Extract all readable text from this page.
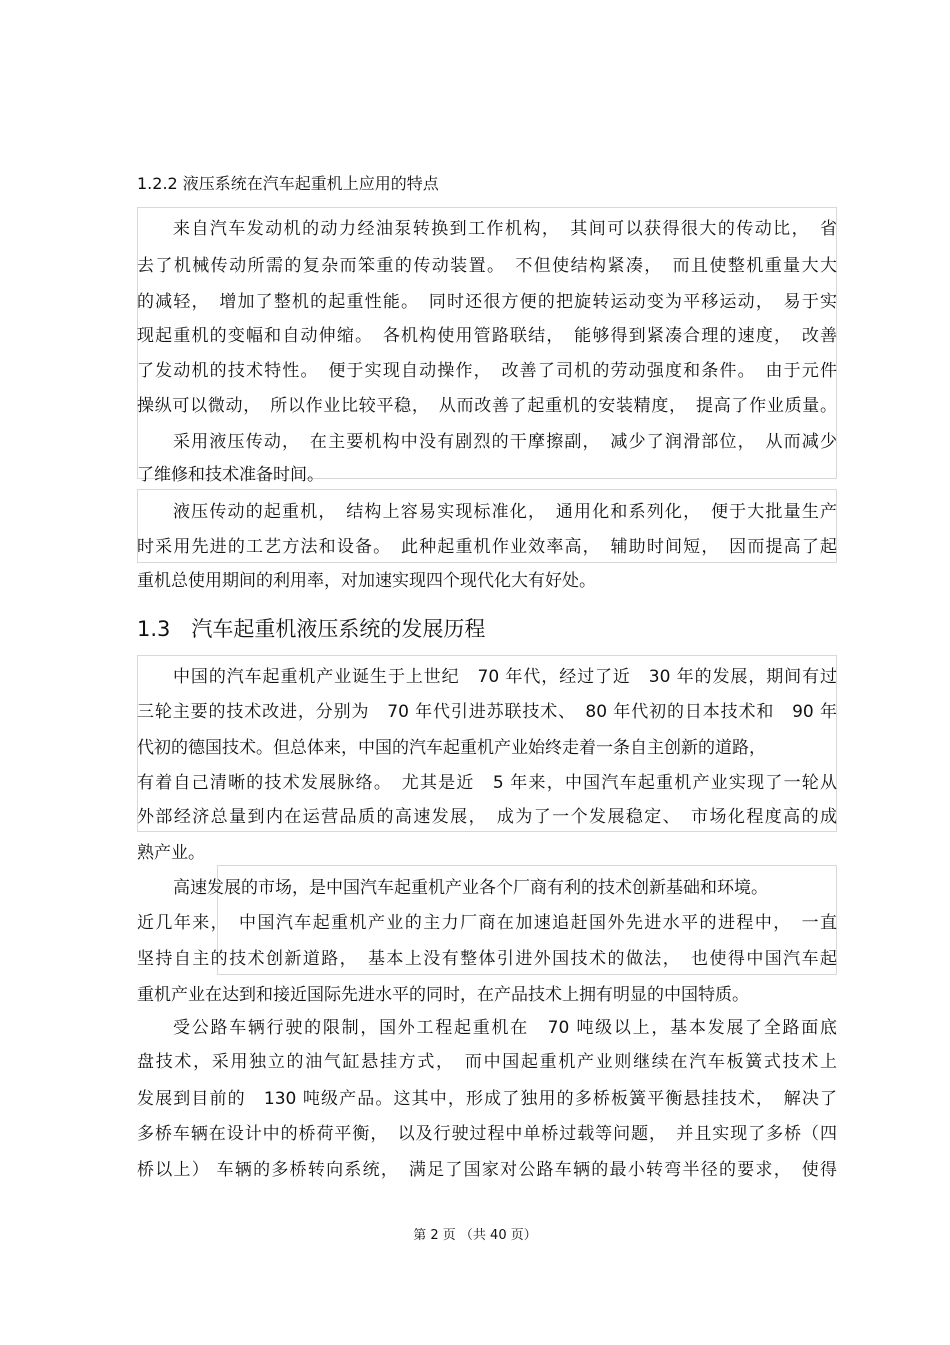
1.2.2 液压系统在汽车起重机上应用的特点
来自汽车发动机的动力经油泵转换到工作机构，　其间可以获得很大的传动比，　省
去了机械传动所需的复杂而笨重的传动装置。　不但使结构紧凑，　而且使整机重量大大
的减轻，　增加了整机的起重性能。　同时还很方便的把旋转运动变为平移运动，　易于实
现起重机的变幅和自动伸缩。　各机构使用管路联结，　能够得到紧凑合理的速度，　改善
了发动机的技术特性。　便于实现自动操作，　改善了司机的劳动强度和条件。　由于元件
操纵可以微动，　所以作业比较平稳，　从而改善了起重机的安装精度，　提高了作业质量。
采用液压传动，　在主要机构中没有剧烈的干摩擦副，　减少了润滑部位，　从而减少
了维修和技术准备时间。
液压传动的起重机，　结构上容易实现标准化，　通用化和系列化，　便于大批量生产
时采用先进的工艺方法和设备。　此种起重机作业效率高，　辅助时间短，　因而提高了起
重机总使用期间的利用率，对加速实现四个现代化大有好处。
1.3　汽车起重机液压系统的发展历程
中国的汽车起重机产业诞生于上世纪　70 年代，经过了近　30 年的发展，期间有过
三轮主要的技术改进，分别为　70 年代引进苏联技术、　80 年代初的日本技术和　90 年
代初的德国技术。但总体来，中国的汽车起重机产业始终走着一条自主创新的道路，
有着自己清晰的技术发展脉络。　尤其是近　5 年来，中国汽车起重机产业实现了一轮从
外部经济总量到内在运营品质的高速发展，　成为了一个发展稳定、　市场化程度高的成
熟产业。
高速发展的市场，是中国汽车起重机产业各个厂商有利的技术创新基础和环境。
近几年来，　中国汽车起重机产业的主力厂商在加速追赶国外先进水平的进程中，　一直
坚持自主的技术创新道路，　基本上没有整体引进外国技术的做法，　也使得中国汽车起
重机产业在达到和接近国际先进水平的同时，在产品技术上拥有明显的中国特质。
受公路车辆行驶的限制，国外工程起重机在　70 吨级以上，基本发展了全路面底
盘技术，采用独立的油气缸悬挂方式，　而中国起重机产业则继续在汽车板簧式技术上
发展到目前的　130 吨级产品。这其中，形成了独用的多桥板簧平衡悬挂技术，　解决了
多桥车辆在设计中的桥荷平衡，　以及行驶过程中单桥过载等问题，　并且实现了多桥（四
桥以上） 车辆的多桥转向系统，　满足了国家对公路车辆的最小转弯半径的要求，　使得
第 2 页 （共 40 页）
